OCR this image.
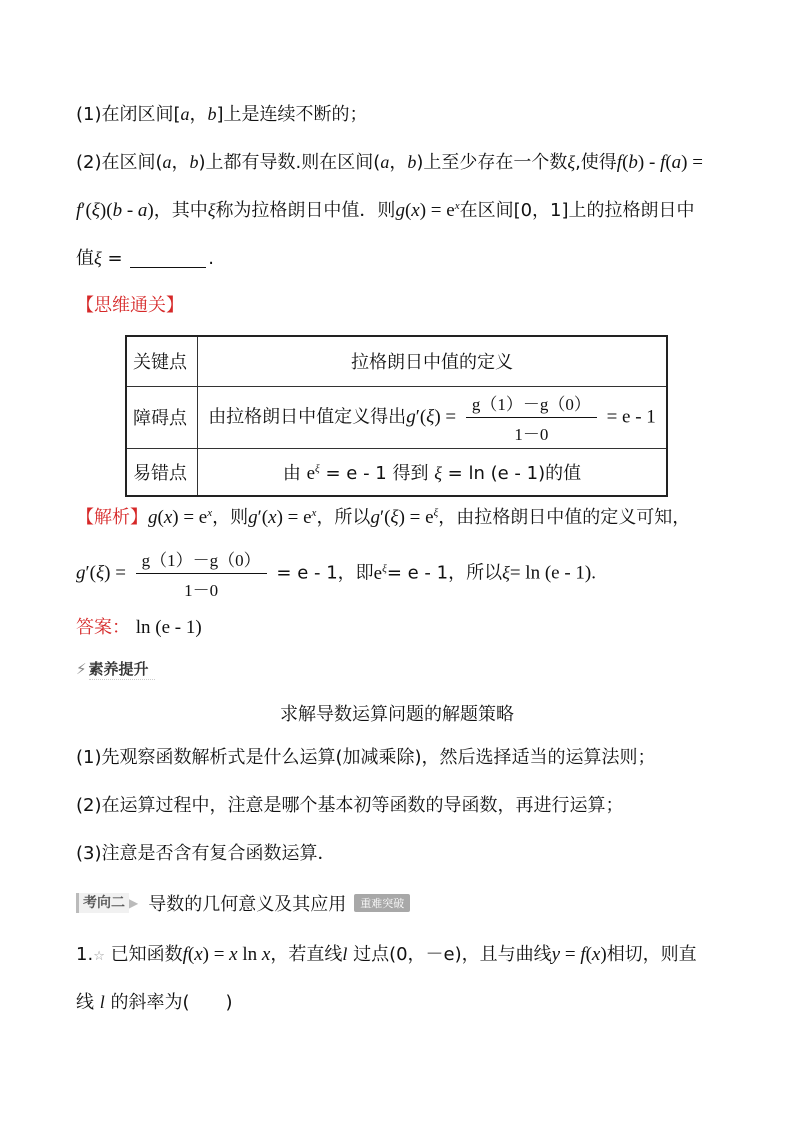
(1)在闭区间[a，b]上是连续不断的；
(2)在区间(a，b)上都有导数.则在区间(a，b)上至少存在一个数ξ,使得f(b) - f(a) =
f′(ξ)(b - a)，其中ξ称为拉格朗日中值．则$g(x) = e^x$在区间[0，1]上的拉格朗日中
值ξ =	.
【思维通关】
关键点	拉格朗日中值的定义
障碍点	由拉格朗日中值定义得出$g'(\xi) = \frac{g(1)-g(0)}{1-0} = e - 1$
易错点	由 $e^\xi = e - 1$ 得到 ξ = ln (e - 1)的值
【解析】$g(x) = e^x$，则$g'(x) = e^x$，所以$g'(\xi) = e^\xi$，由拉格朗日中值的定义可知，
$g'(\xi) = \frac{g(1)-g(0)}{1-0} = e - 1$，即$e^\xi= e - 1$，所以ξ= ln (e - 1).
答案： ln (e - 1)
⚡ 素养提升
求解导数运算问题的解题策略
(1)先观察函数解析式是什么运算(加减乘除)，然后选择适当的运算法则；
(2)在运算过程中，注意是哪个基本初等函数的导函数，再进行运算；
(3)注意是否含有复合函数运算．
考向二 ▶ 导数的几何意义及其应用	重难突破
1.☆ 已知函数f(x) = x ln x，若直线l 过点(0，－e)，且与曲线y = f(x)相切，则直
线 l 的斜率为(　　)
